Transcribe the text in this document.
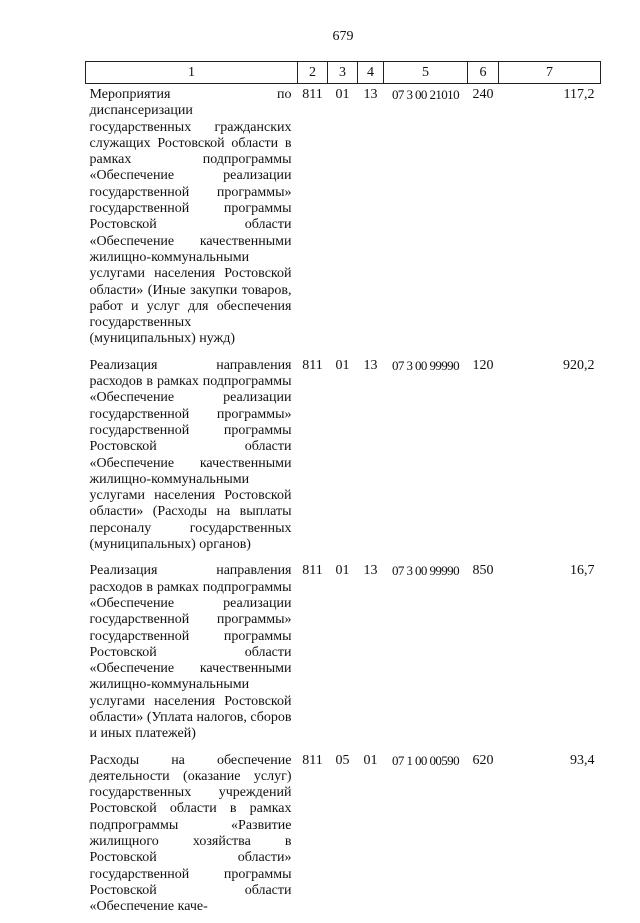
679
1	2	3	4	5	6	7
Мероприятия по диспансеризации государственных гражданских служащих Ростовской области в рамках подпрограммы «Обеспечение реализации государственной программы» государственной программы Ростовской области «Обеспечение качественными жилищно-коммунальными услугами населения Ростовской области» (Иные закупки товаров, работ и услуг для обеспечения государственных (муниципальных) нужд)	811	01	13	07 3 00 21010	240	117,2
Реализация направления расходов в рамках подпрограммы «Обеспечение реализации государственной программы» государственной программы Ростовской области «Обеспечение качественными жилищно-коммунальными услугами населения Ростовской области» (Расходы на выплаты персоналу государственных (муниципальных) органов)	811	01	13	07 3 00 99990	120	920,2
Реализация направления расходов в рамках подпрограммы «Обеспечение реализации государственной программы» государственной программы Ростовской области «Обеспечение качественными жилищно-коммунальными услугами населения Ростовской области» (Уплата налогов, сборов и иных платежей)	811	01	13	07 3 00 99990	850	16,7
Расходы на обеспечение деятельности (оказание услуг) государственных учреждений Ростовской области в рамках подпрограммы «Развитие жилищного хозяйства в Ростовской области» государственной программы Ростовской области «Обеспечение каче-	811	05	01	07 1 00 00590	620	93,4
